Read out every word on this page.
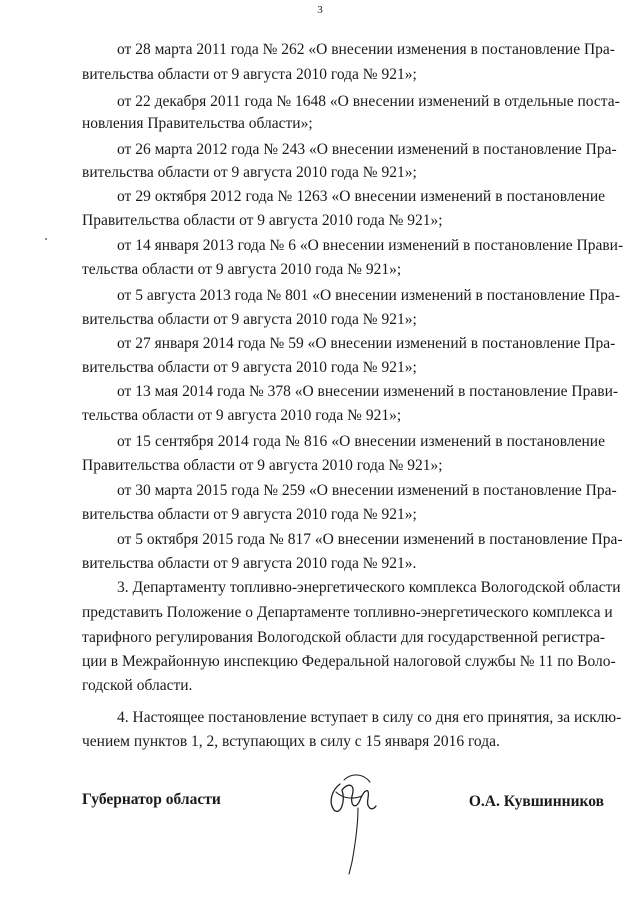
3
от 28 марта 2011 года № 262 «О внесении изменения в постановление Пра-
вительства области от 9 августа 2010 года № 921»;
от 22 декабря 2011 года № 1648 «О внесении изменений в отдельные поста-
новления Правительства области»;
от 26 марта 2012 года № 243 «О внесении изменений в постановление Пра-
вительства области от 9 августа 2010 года № 921»;
от 29 октября 2012 года № 1263 «О внесении изменений в постановление
Правительства области от 9 августа 2010 года № 921»;
от 14 января 2013 года № 6 «О внесении изменений в постановление Прави-
тельства области от 9 августа 2010 года № 921»;
от 5 августа 2013 года № 801 «О внесении изменений в постановление Пра-
вительства области от 9 августа 2010 года № 921»;
от 27 января 2014 года № 59 «О внесении изменений в постановление Пра-
вительства области от 9 августа 2010 года № 921»;
от 13 мая 2014 года № 378 «О внесении изменений в постановление Прави-
тельства области от 9 августа 2010 года № 921»;
от 15 сентября 2014 года № 816 «О внесении изменений в постановление
Правительства области от 9 августа 2010 года № 921»;
от 30 марта 2015 года № 259 «О внесении изменений в постановление Пра-
вительства области от 9 августа 2010 года № 921»;
от 5 октября 2015 года № 817 «О внесении изменений в постановление Пра-
вительства области от 9 августа 2010 года № 921».
3. Департаменту топливно-энергетического комплекса Вологодской области
представить Положение о Департаменте топливно-энергетического комплекса и
тарифного регулирования Вологодской области для государственной регистра-
ции в Межрайонную инспекцию Федеральной налоговой службы № 11 по Воло-
годской области.
4. Настоящее постановление вступает в силу со дня его принятия, за исклю-
чением пунктов 1, 2, вступающих в силу с 15 января 2016 года.
Губернатор области	О.А. Кувшинников
